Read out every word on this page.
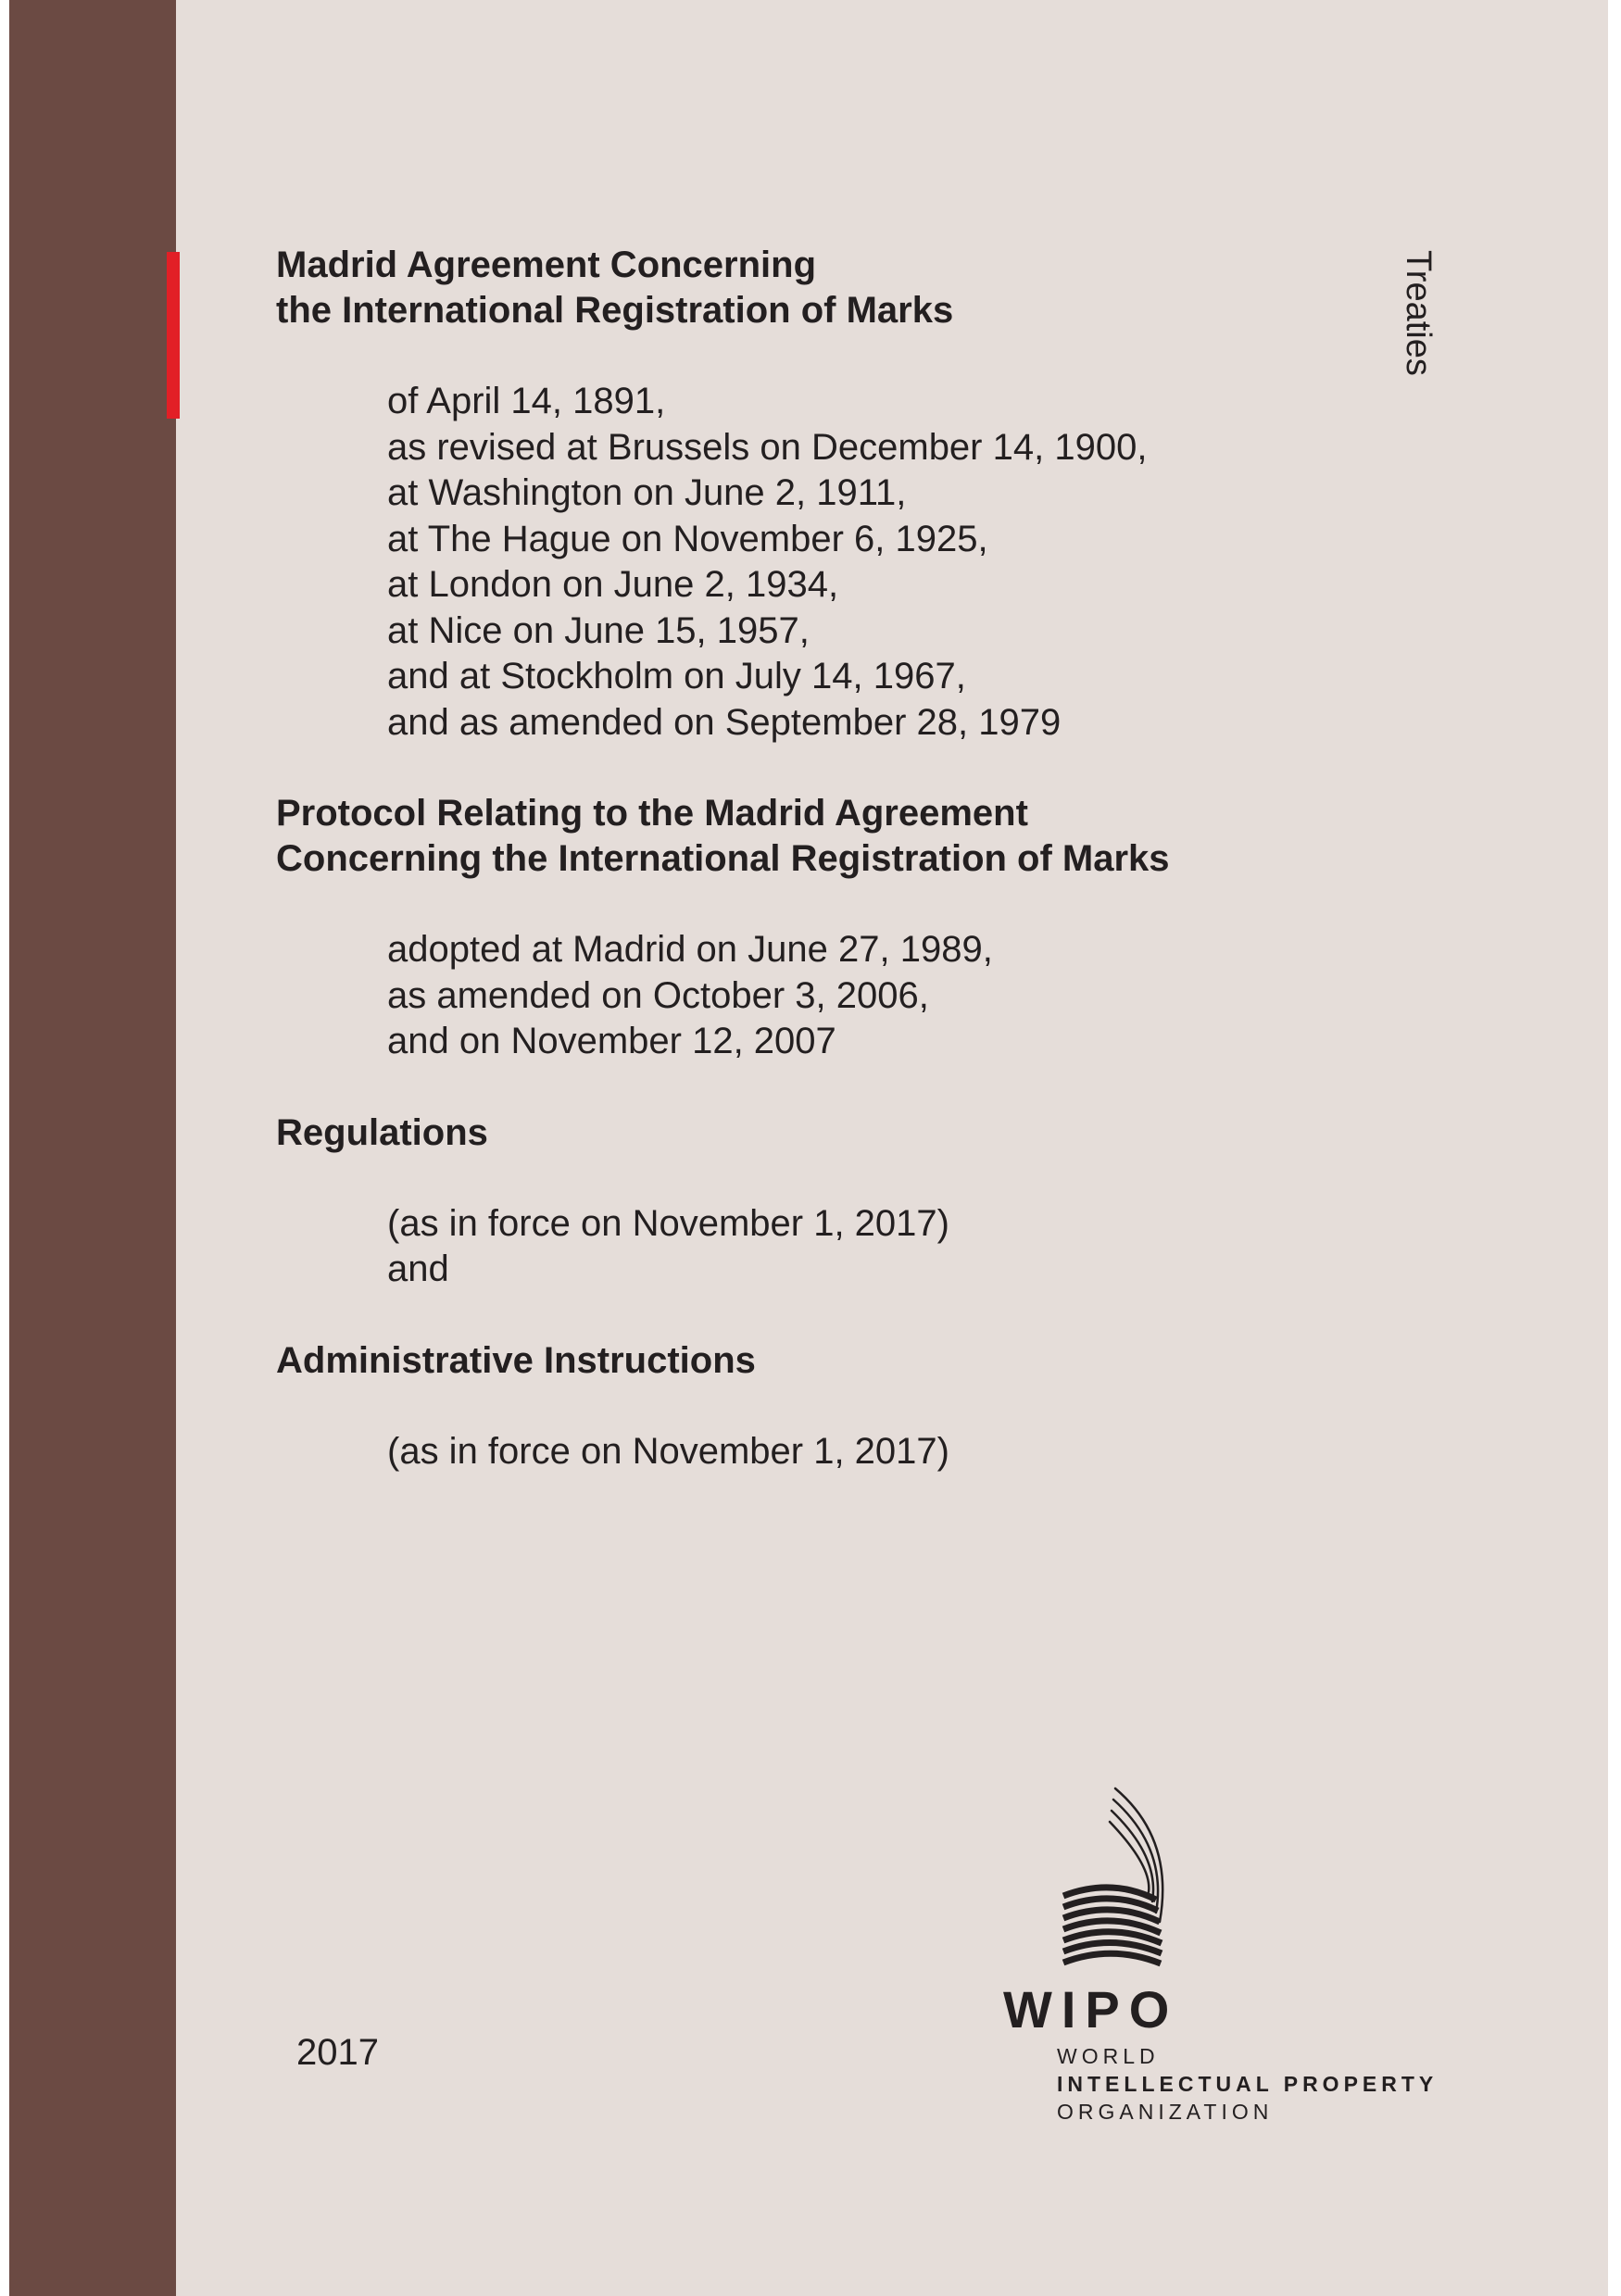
Treaties
Madrid Agreement Concerning
the International Registration of Marks
of April 14, 1891,
as revised at Brussels on December 14, 1900,
at Washington on June 2, 1911,
at The Hague on November 6, 1925,
at London on June 2, 1934,
at Nice on June 15, 1957,
and at Stockholm on July 14, 1967,
and as amended on September 28, 1979
Protocol Relating to the Madrid Agreement
Concerning the International Registration of Marks
adopted at Madrid on June 27, 1989,
as amended on October 3, 2006,
and on November 12, 2007
Regulations
(as in force on November 1, 2017)
and
Administrative Instructions
(as in force on November 1, 2017)
2017
WIPO
WORLD
INTELLECTUAL PROPERTY
ORGANIZATION
